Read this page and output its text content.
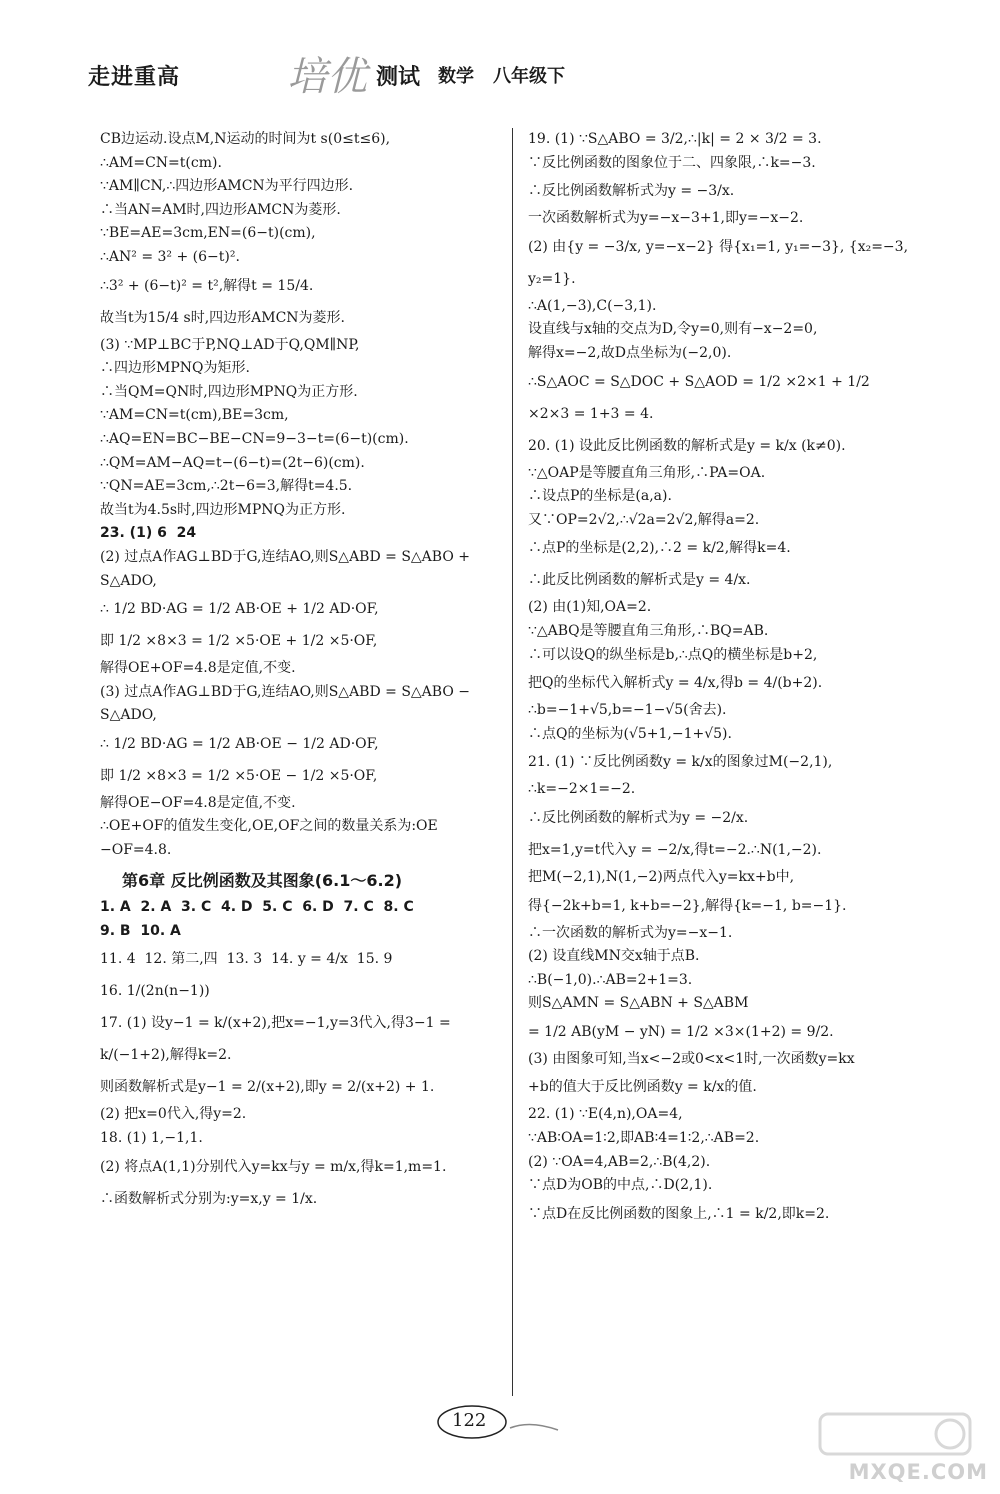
走进重高	培优 测试 数学 八年级下

CB边运动.设点M,N运动的时间为t s(0≤t≤6),

∴AM=CN=t(cm).

∵AM∥CN,∴四边形AMCN为平行四边形.

∴当AN=AM时,四边形AMCN为菱形.

∵BE=AE=3cm,EN=(6−t)(cm),

∴AN² = 3² + (6−t)².

∴3² + (6−t)² = t²,解得t = 15/4.

故当t为15/4 s时,四边形AMCN为菱形.

(3) ∵MP⊥BC于P,NQ⊥AD于Q,QM∥NP,

∴四边形MPNQ为矩形.

∴当QM=QN时,四边形MPNQ为正方形.

∵AM=CN=t(cm),BE=3cm,

∴AQ=EN=BC−BE−CN=9−3−t=(6−t)(cm).

∴QM=AM−AQ=t−(6−t)=(2t−6)(cm).

∵QN=AE=3cm,∴2t−6=3,解得t=4.5.

故当t为4.5s时,四边形MPNQ为正方形.

23. (1) 6  24

(2) 过点A作AG⊥BD于G,连结AO,则S△ABD = S△ABO +

S△ADO,

∴ 1/2 BD·AG = 1/2 AB·OE + 1/2 AD·OF,

即 1/2 ×8×3 = 1/2 ×5·OE + 1/2 ×5·OF,

解得OE+OF=4.8是定值,不变.

(3) 过点A作AG⊥BD于G,连结AO,则S△ABD = S△ABO −

S△ADO,

∴ 1/2 BD·AG = 1/2 AB·OE − 1/2 AD·OF,

即 1/2 ×8×3 = 1/2 ×5·OE − 1/2 ×5·OF,

解得OE−OF=4.8是定值,不变.

∴OE+OF的值发生变化,OE,OF之间的数量关系为:OE

−OF=4.8.

第6章 反比例函数及其图象(6.1～6.2)

1. A  2. A  3. C  4. D  5. C  6. D  7. C  8. C

9. B  10. A

11. 4  12. 第二,四  13. 3  14. y = 4/x  15. 9

16. 1/(2n(n−1))

17. (1) 设y−1 = k/(x+2),把x=−1,y=3代入,得3−1 =

k/(−1+2),解得k=2.

则函数解析式是y−1 = 2/(x+2),即y = 2/(x+2) + 1.

(2) 把x=0代入,得y=2.

18. (1) 1,−1,1.

(2) 将点A(1,1)分别代入y=kx与y = m/x,得k=1,m=1.

∴函数解析式分别为:y=x,y = 1/x.

19. (1) ∵S△ABO = 3/2,∴|k| = 2 × 3/2 = 3.

∵反比例函数的图象位于二、四象限,∴k=−3.

∴反比例函数解析式为y = −3/x.

一次函数解析式为y=−x−3+1,即y=−x−2.

(2) 由{y = −3/x, y=−x−2} 得{x₁=1, y₁=−3}, {x₂=−3, y₂=1}.

∴A(1,−3),C(−3,1).

设直线与x轴的交点为D,令y=0,则有−x−2=0,

解得x=−2,故D点坐标为(−2,0).

∴S△AOC = S△DOC + S△AOD = 1/2 ×2×1 + 1/2 ×2×3 = 1+3 = 4.

20. (1) 设此反比例函数的解析式是y = k/x (k≠0).

∵△OAP是等腰直角三角形,∴PA=OA.

∴设点P的坐标是(a,a).

又∵OP=2√2,∴√2a=2√2,解得a=2.

∴点P的坐标是(2,2),∴2 = k/2,解得k=4.

∴此反比例函数的解析式是y = 4/x.

(2) 由(1)知,OA=2.

∵△ABQ是等腰直角三角形,∴BQ=AB.

∴可以设Q的纵坐标是b,∴点Q的横坐标是b+2,

把Q的坐标代入解析式y = 4/x,得b = 4/(b+2).

∴b=−1+√5,b=−1−√5(舍去).

∴点Q的坐标为(√5+1,−1+√5).

21. (1) ∵反比例函数y = k/x的图象过M(−2,1),

∴k=−2×1=−2.

∴反比例函数的解析式为y = −2/x.

把x=1,y=t代入y = −2/x,得t=−2.∴N(1,−2).

把M(−2,1),N(1,−2)两点代入y=kx+b中,

得{−2k+b=1, k+b=−2},解得{k=−1, b=−1}.

∴一次函数的解析式为y=−x−1.

(2) 设直线MN交x轴于点B.

∴B(−1,0).∴AB=2+1=3.

则S△AMN = S△ABN + S△ABM

= 1/2 AB(yM − yN) = 1/2 ×3×(1+2) = 9/2.

(3) 由图象可知,当x<−2或0<x<1时,一次函数y=kx

+b的值大于反比例函数y = k/x的值.

22. (1) ∵E(4,n),OA=4,

∵AB∶OA=1∶2,即AB∶4=1∶2,∴AB=2.

(2) ∵OA=4,AB=2,∴B(4,2).

∵点D为OB的中点,∴D(2,1).

∵点D在反比例函数的图象上,∴1 = k/2,即k=2.

122
MXQE.COM
